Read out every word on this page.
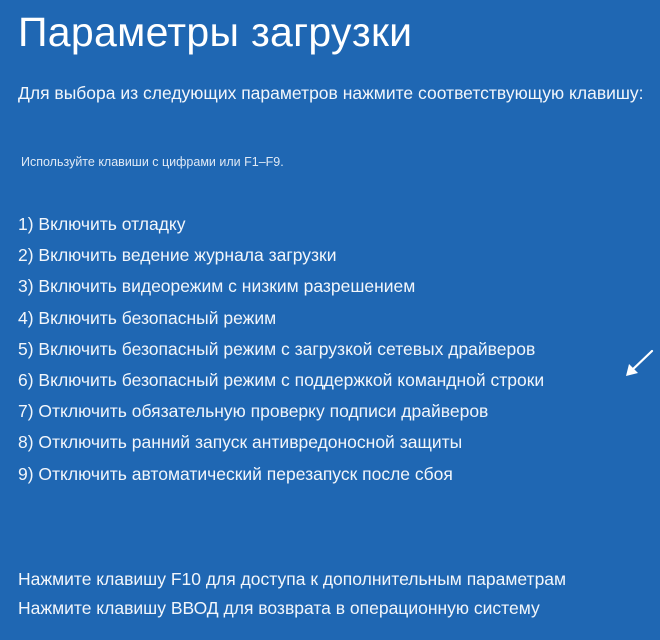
Параметры загрузки

Для выбора из следующих параметров нажмите соответствующую клавишу:

Используйте клавиши с цифрами или F1–F9.
1) Включить отладку
2) Включить ведение журнала загрузки
3) Включить видеорежим с низким разрешением
4) Включить безопасный режим
5) Включить безопасный режим с загрузкой сетевых драйверов
6) Включить безопасный режим с поддержкой командной строки
7) Отключить обязательную проверку подписи драйверов
8) Отключить ранний запуск антивредоносной защиты
9) Отключить автоматический перезапуск после сбоя
Нажмите клавишу F10 для доступа к дополнительным параметрам
Нажмите клавишу ВВОД для возврата в операционную систему
